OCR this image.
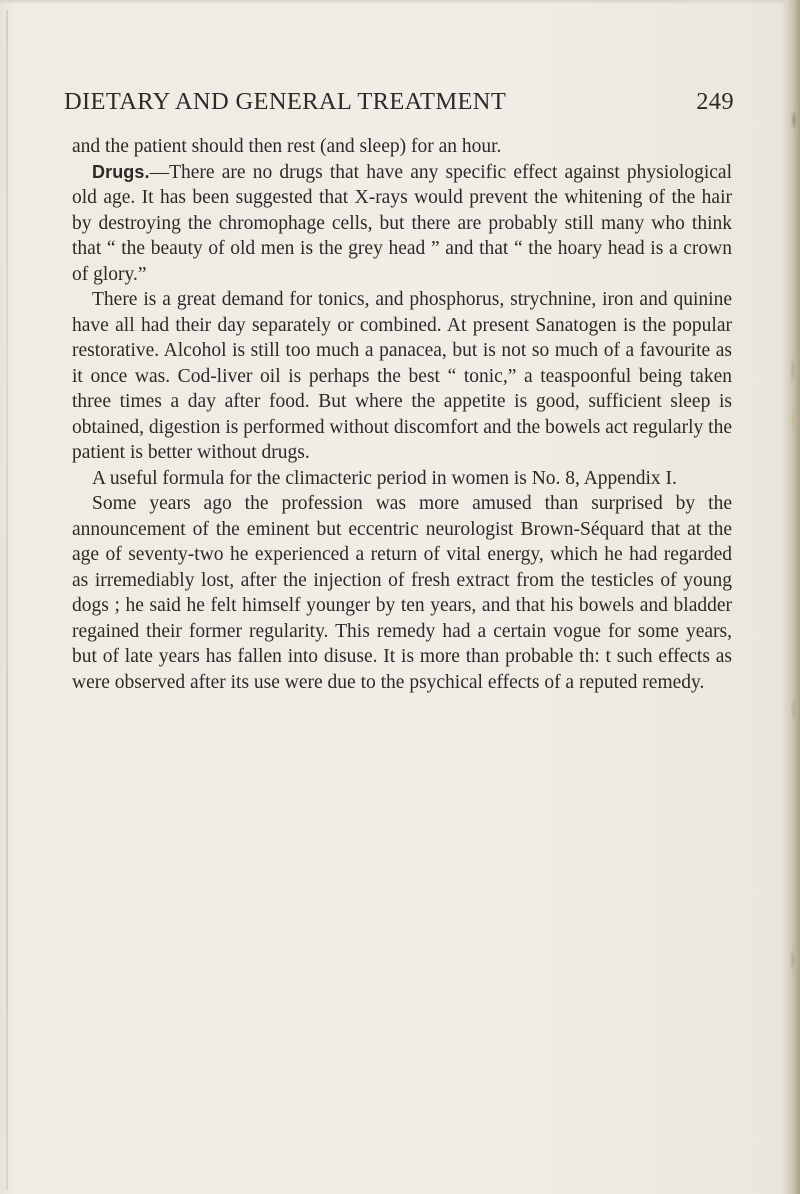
DIETARY AND GENERAL TREATMENT	249

and the patient should then rest (and sleep) for an hour.

Drugs.—There are no drugs that have any specific effect against physiological old age. It has been suggested that X-rays would prevent the whitening of the hair by destroying the chromophage cells, but there are probably still many who think that “ the beauty of old men is the grey head ” and that “ the hoary head is a crown of glory.”

There is a great demand for tonics, and phosphorus, strychnine, iron and quinine have all had their day separately or combined. At present Sanatogen is the popular restorative. Alcohol is still too much a panacea, but is not so much of a favourite as it once was. Cod-liver oil is perhaps the best “ tonic,” a teaspoonful being taken three times a day after food. But where the appetite is good, sufficient sleep is obtained, digestion is performed without discomfort and the bowels act regularly the patient is better without drugs.

A useful formula for the climacteric period in women is No. 8, Appendix I.

Some years ago the profession was more amused than surprised by the announcement of the eminent but eccentric neurologist Brown-Séquard that at the age of seventy-two he experienced a return of vital energy, which he had regarded as irremediably lost, after the injection of fresh extract from the testicles of young dogs ; he said he felt himself younger by ten years, and that his bowels and bladder regained their former regularity. This remedy had a certain vogue for some years, but of late years has fallen into disuse. It is more than probable th: t such effects as were observed after its use were due to the psychical effects of a reputed remedy.
